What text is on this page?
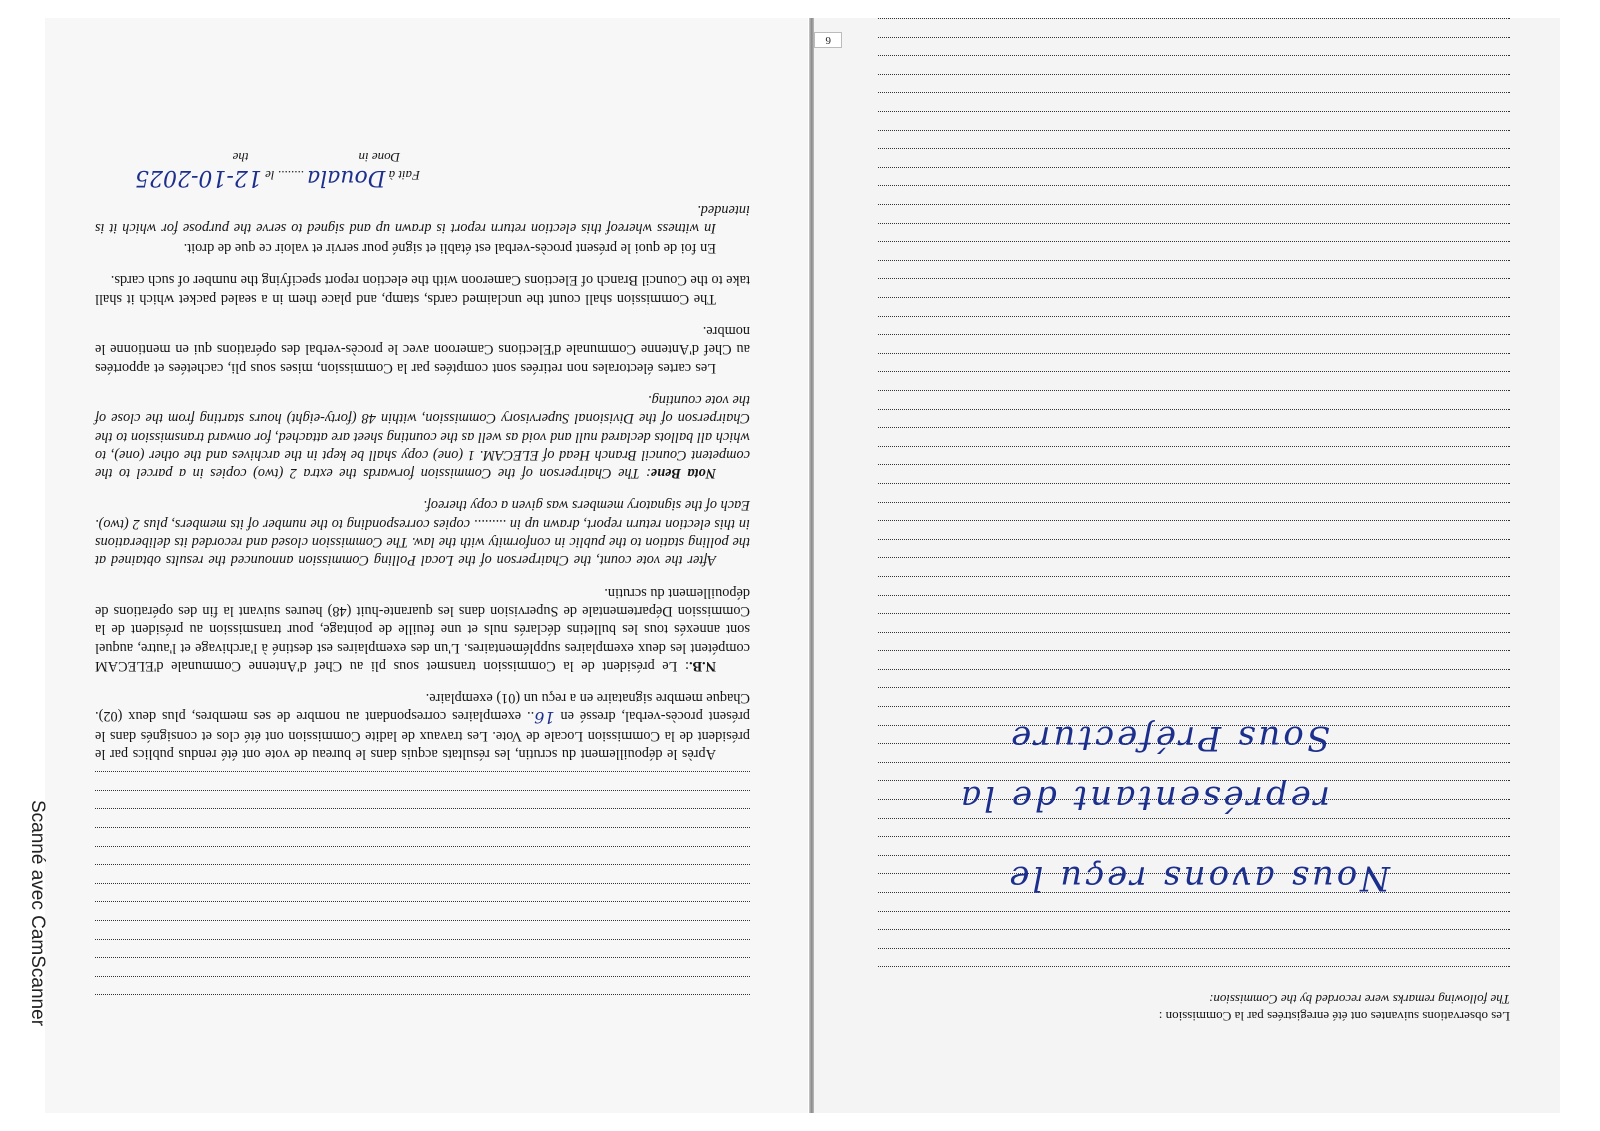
Les observations suivantes ont été enregistrées par la Commission :
The following remarks were recorded by the Commission:
Nous avons reçu le
représentant de la
Sous Préfecture
6

Après le dépouillement du scrutin, les résultats acquis dans le bureau de vote ont été rendus publics par le président de la Commission Locale de Vote. Les travaux de ladite Commission ont été clos et consignés dans le présent procès-verbal, dressé en 16.. exemplaires correspondant au nombre de ses membres, plus deux (02). Chaque membre signataire en a reçu un (01) exemplaire.

N.B.: Le président de la Commission transmet sous pli au Chef d'Antenne Communale d'ELECAM compétent les deux exemplaires supplémentaires. L'un des exemplaires est destiné à l'archivage et l'autre, auquel sont annexés tous les bulletins déclarés nuls et une feuille de pointage, pour transmission au président de la Commission Départementale de Supervision dans les quarante-huit (48) heures suivant la fin des opérations de dépouillement du scrutin.

After the vote count, the Chairperson of the Local Polling Commission announced the results obtained at the polling station to the public in conformity with the law. The Commission closed and recorded its deliberations in this election return report, drawn up in ......... copies corresponding to the number of its members, plus 2 (two). Each of the signatory members was given a copy thereof.

Nota Bene: The Chairperson of the Commission forwards the extra 2 (two) copies in a parcel to the competent Council Branch Head of ELECAM. 1 (one) copy shall be kept in the archives and the other (one), to which all ballots declared null and void as well as the counting sheet are attached, for onward transmission to the Chairperson of the Divisional Supervisory Commission, within 48 (forty-eight) hours starting from the close of the vote counting.

Les cartes électorales non retirées sont comptées par la Commission, mises sous pli, cachetées et apportées au Chef d'Antenne Communale d'Elections Cameroon avec le procès-verbal des opérations qui en mentionne le nombre.

The Commission shall count the unclaimed cards, stamp, and place them in a sealed packet which it shall take to the Council Branch of Elections Cameroon with the election report specifying the number of such cards.

En foi de quoi le présent procès-verbal est établi et signé pour servir et valoir ce que de droit.

In witness whereof this election return report is drawn up and signed to serve the purpose for which it is intended.

Fait à Douala ........ le 12-10-2025
Done inthe
Scanné avec CamScanner
